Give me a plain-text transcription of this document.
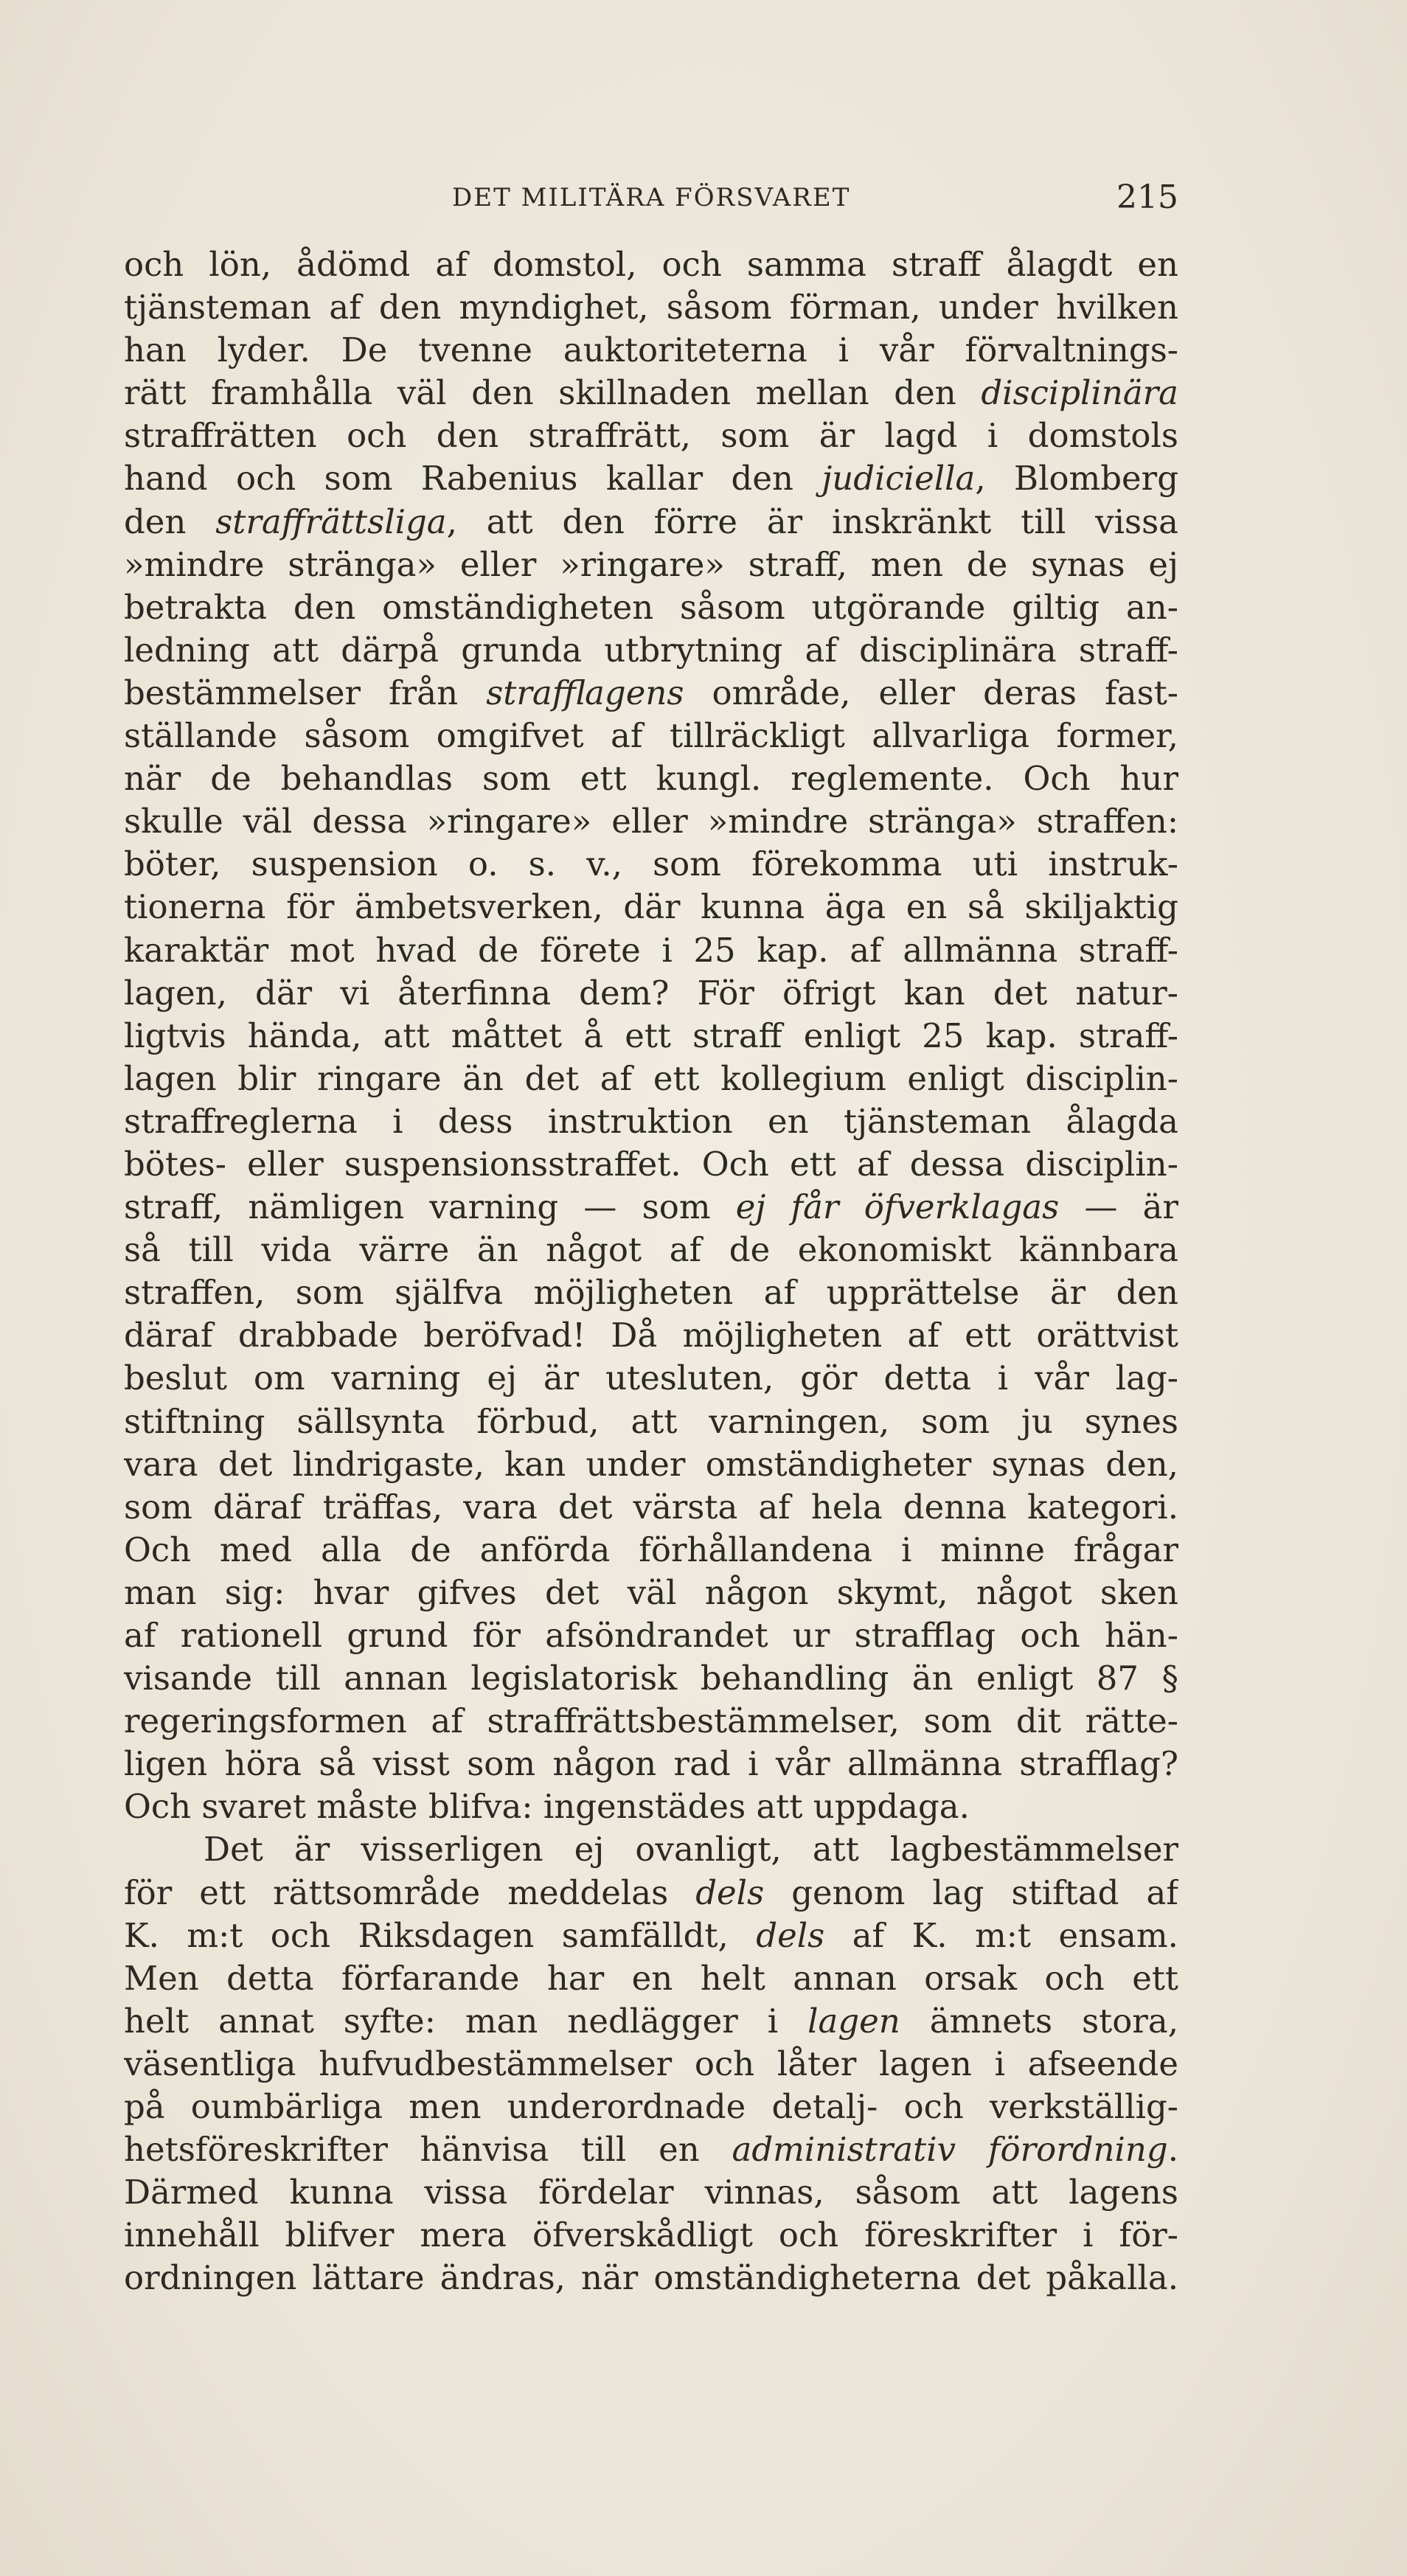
DET MILITÄRA FÖRSVARET	215
och lön, ådömd af domstol, och samma straff ålagdt en
tjänsteman af den myndighet, såsom förman, under hvilken
han lyder. De tvenne auktoriteterna i vår förvaltnings-
rätt framhålla väl den skillnaden mellan den disciplinära
straffrätten och den straffrätt, som är lagd i domstols
hand och som Rabenius kallar den judiciella, Blomberg
den straffrättsliga, att den förre är inskränkt till vissa
»mindre stränga» eller »ringare» straff, men de synas ej
betrakta den omständigheten såsom utgörande giltig an-
ledning att därpå grunda utbrytning af disciplinära straff-
bestämmelser från strafflagens område, eller deras fast-
ställande såsom omgifvet af tillräckligt allvarliga former,
när de behandlas som ett kungl. reglemente. Och hur
skulle väl dessa »ringare» eller »mindre stränga» straffen:
böter, suspension o. s. v., som förekomma uti instruk-
tionerna för ämbetsverken, där kunna äga en så skiljaktig
karaktär mot hvad de förete i 25 kap. af allmänna straff-
lagen, där vi återfinna dem? För öfrigt kan det natur-
ligtvis hända, att måttet å ett straff enligt 25 kap. straff-
lagen blir ringare än det af ett kollegium enligt disciplin-
straffreglerna i dess instruktion en tjänsteman ålagda
bötes- eller suspensionsstraffet. Och ett af dessa disciplin-
straff, nämligen varning — som ej får öfverklagas — är
så till vida värre än något af de ekonomiskt kännbara
straffen, som själfva möjligheten af upprättelse är den
däraf drabbade beröfvad! Då möjligheten af ett orättvist
beslut om varning ej är utesluten, gör detta i vår lag-
stiftning sällsynta förbud, att varningen, som ju synes
vara det lindrigaste, kan under omständigheter synas den,
som däraf träffas, vara det värsta af hela denna kategori.
Och med alla de anförda förhållandena i minne frågar
man sig: hvar gifves det väl någon skymt, något sken
af rationell grund för afsöndrandet ur strafflag och hän-
visande till annan legislatorisk behandling än enligt 87 §
regeringsformen af straffrättsbestämmelser, som dit rätte-
ligen höra så visst som någon rad i vår allmänna strafflag?
Och svaret måste blifva: ingenstädes att uppdaga.
Det är visserligen ej ovanligt, att lagbestämmelser
för ett rättsområde meddelas dels genom lag stiftad af
K. m:t och Riksdagen samfälldt, dels af K. m:t ensam.
Men detta förfarande har en helt annan orsak och ett
helt annat syfte: man nedlägger i lagen ämnets stora,
väsentliga hufvudbestämmelser och låter lagen i afseende
på oumbärliga men underordnade detalj- och verkställig-
hetsföreskrifter hänvisa till en administrativ förordning.
Därmed kunna vissa fördelar vinnas, såsom att lagens
innehåll blifver mera öfverskådligt och föreskrifter i för-
ordningen lättare ändras, när omständigheterna det påkalla.
